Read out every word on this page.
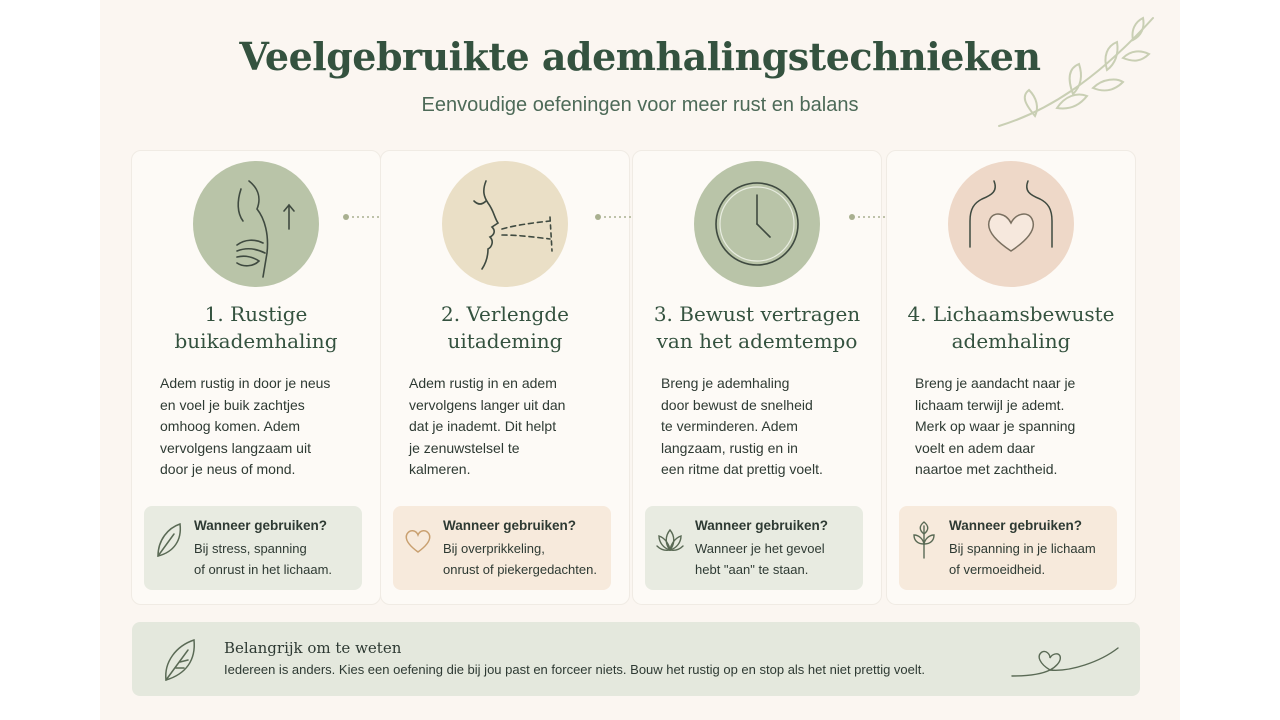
Veelgebruikte ademhalingstechnieken
Eenvoudige oefeningen voor meer rust en balans
1. Rustige
buikademhaling
Adem rustig in door je neus
en voel je buik zachtjes
omhoog komen. Adem
vervolgens langzaam uit
door je neus of mond.
Wanneer gebruiken?
Bij stress, spanning
of onrust in het lichaam.
2. Verlengde
uitademing
Adem rustig in en adem
vervolgens langer uit dan
dat je inademt. Dit helpt
je zenuwstelsel te
kalmeren.
Wanneer gebruiken?
Bij overprikkeling,
onrust of piekergedachten.
3. Bewust vertragen
van het ademtempo
Breng je ademhaling
door bewust de snelheid
te verminderen. Adem
langzaam, rustig en in
een ritme dat prettig voelt.
Wanneer gebruiken?
Wanneer je het gevoel
hebt "aan" te staan.
4. Lichaamsbewuste
ademhaling
Breng je aandacht naar je
lichaam terwijl je ademt.
Merk op waar je spanning
voelt en adem daar
naartoe met zachtheid.
Wanneer gebruiken?
Bij spanning in je lichaam
of vermoeidheid.
Belangrijk om te weten
Iedereen is anders. Kies een oefening die bij jou past en forceer niets. Bouw het rustig op en stop als het niet prettig voelt.
